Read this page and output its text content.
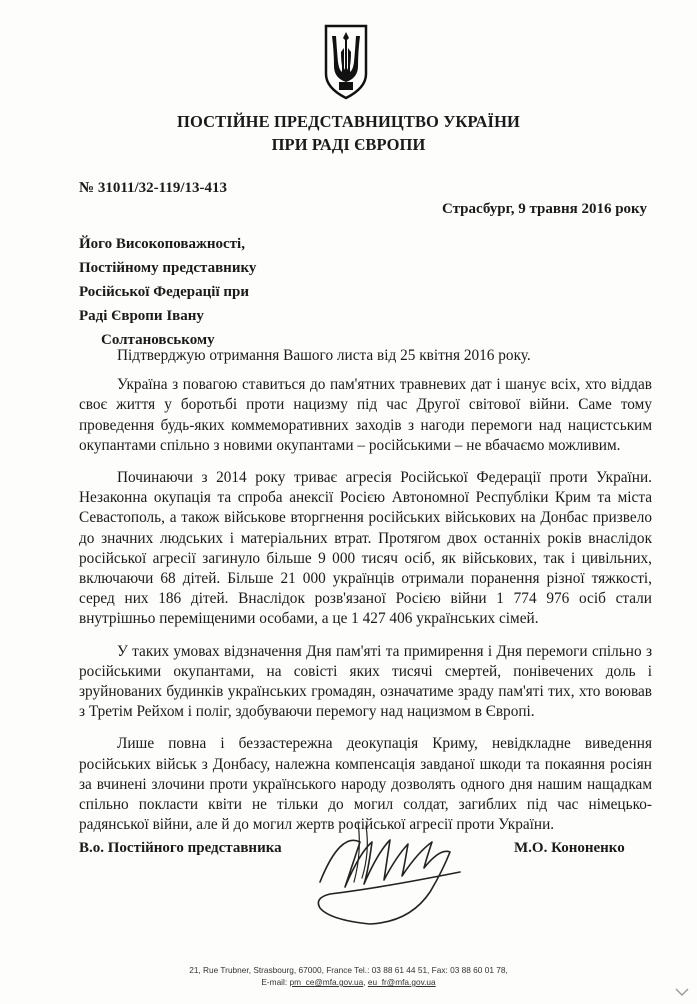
ПОСТІЙНЕ ПРЕДСТАВНИЦТВО УКРАЇНИ
ПРИ РАДІ ЄВРОПИ
№ 31011/32-119/13-413
Страсбург, 9 травня 2016 року
Його Високоповажності,
Постійному представнику
Російської Федерації при
Раді Європи Івану
Солтановському

Підтверджую отримання Вашого листа від 25 квітня 2016 року.

Україна з повагою ставиться до пам'ятних травневих дат і шанує всіх, хто віддав своє життя у боротьбі проти нацизму під час Другої світової війни. Саме тому проведення будь-яких коммеморативних заходів з нагоди перемоги над нацистським окупантами спільно з новими окупантами – російськими – не вбачаємо можливим.

Починаючи з 2014 року триває агресія Російської Федерації проти України. Незаконна окупація та спроба анексії Росією Автономної Республіки Крим та міста Севастополь, а також військове вторгнення російських військових на Донбас призвело до значних людських і матеріальних втрат. Протягом двох останніх років внаслідок російської агресії загинуло більше 9 000 тисяч осіб, як військових, так і цивільних, включаючи 68 дітей. Більше 21 000 українців отримали поранення різної тяжкості, серед них 186 дітей. Внаслідок розв'язаної Росією війни 1 774 976 осіб стали внутрішньо переміщеними особами, а це 1 427 406 українських сімей.

У таких умовах відзначення Дня пам'яті та примирення і Дня перемоги спільно з російськими окупантами, на совісті яких тисячі смертей, понівечених доль і зруйнованих будинків українських громадян, означатиме зраду пам'яті тих, хто воював з Третім Рейхом і поліг, здобуваючи перемогу над нацизмом в Європі.

Лише повна і беззастережна деокупація Криму, невідкладне виведення російських військ з Донбасу, належна компенсація завданої шкоди та покаяння росіян за вчинені злочини проти українського народу дозволять одного дня нашим нащадкам спільно покласти квіти не тільки до могил солдат, загиблих під час німецько-радянської війни, але й до могил жертв російської агресії проти України.

В.о. Постійного представника	М.О. Кононенко
21, Rue Trubner, Strasbourg, 67000, France Tel.: 03 88 61 44 51, Fax: 03 88 60 01 78,
E-mail: pm_ce@mfa.gov.ua, eu_fr@mfa.gov.ua
